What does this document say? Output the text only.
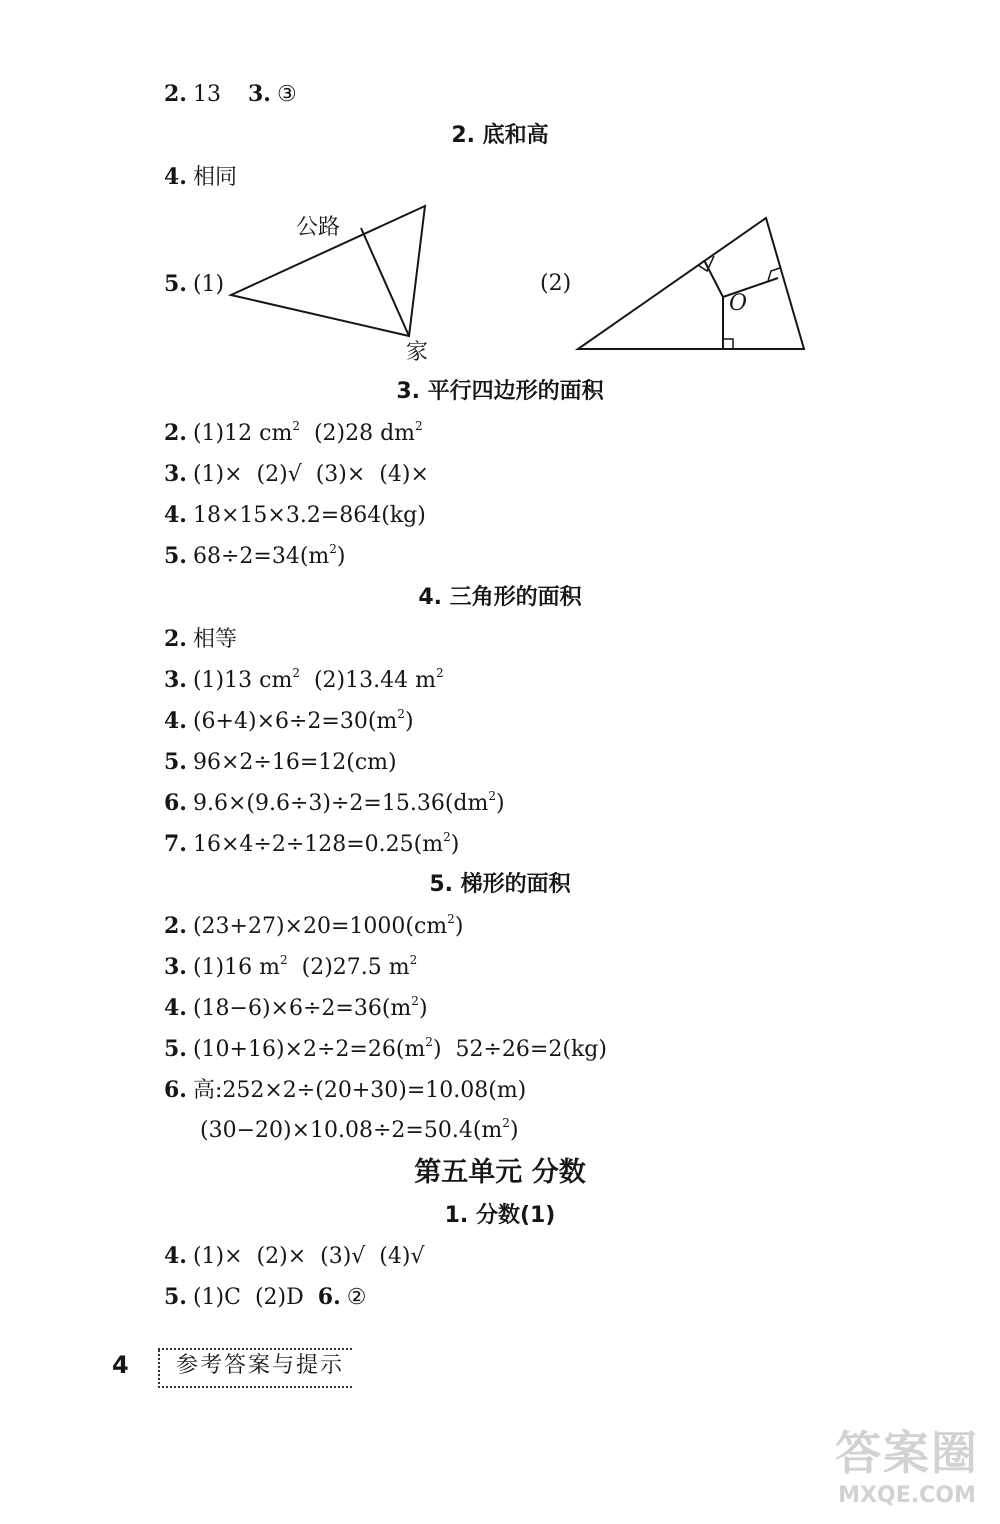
2. 13 3. ③
2. 底和高
4. 相同
5. (1)
公路
家
(2)
O
3. 平行四边形的面积
2. (1)12 $cm^2$  (2)28 $dm^2$
3. (1)×  (2)√  (3)×  (4)×
4. 18×15×3.2=864(kg)
5. $68\div 2=34(m^2)$
4. 三角形的面积
2. 相等
3. (1)13 $cm^2$  (2)13.44 $m^2$
4. $(6+4)\times 6\div 2=30(m^2)$
5. 96×2÷16=12(cm)
6. $9.6\times(9.6\div 3)\div 2=15.36(dm^2)$
7. $16\times 4\div 2\div 128=0.25(m^2)$
5. 梯形的面积
2. $(23+27)\times 20=1000(cm^2)$
3. (1)16 $m^2$  (2)27.5 $m^2$
4. $(18-6)\times 6\div 2=36(m^2)$
5. $(10+16)\times 2\div 2=26(m^2)$  52÷26=2(kg)
6. 高:252×2÷(20+30)=10.08(m)
$(30-20)\times 10.08\div 2=50.4(m^2)$
第五单元 分数
1. 分数(1)
4. (1)×  (2)×  (3)√  (4)√
5. (1)C  (2)D 6. ②
4 参考答案与提示
答案圈
MXQE.COM
